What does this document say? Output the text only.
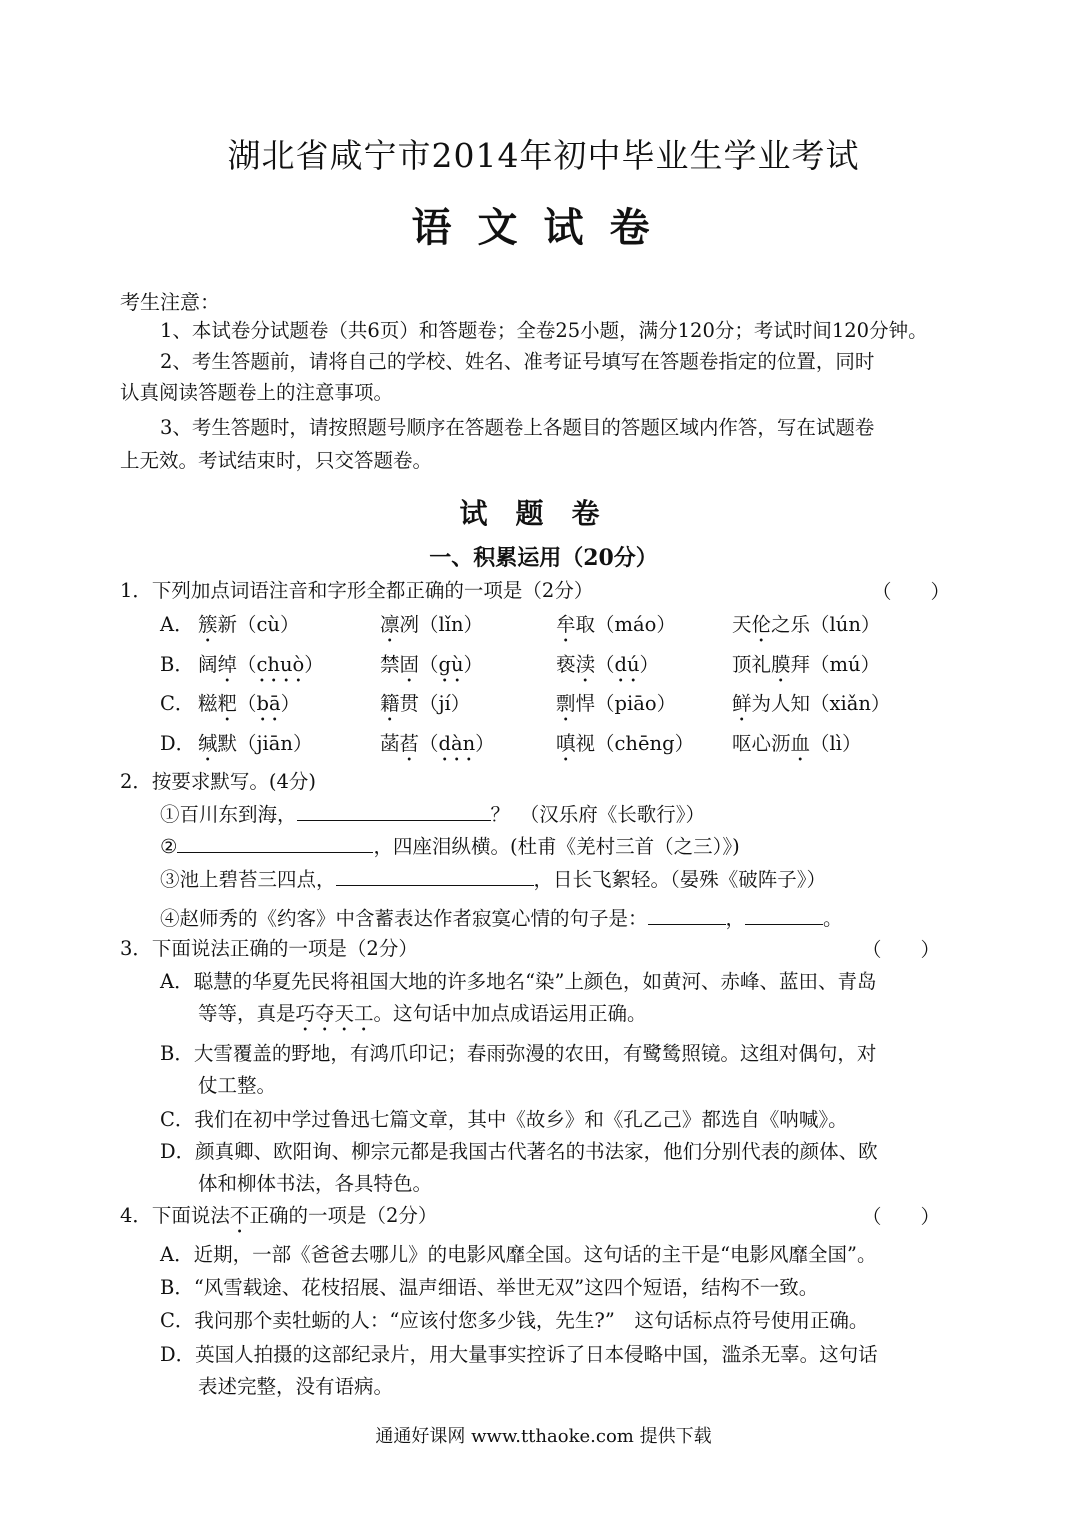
湖北省咸宁市2014年初中毕业生学业考试
语文试卷
考生注意：
1、本试卷分试题卷（共6页）和答题卷；全卷25小题，满分120分；考试时间120分钟。
2、考生答题前，请将自己的学校、姓名、准考证号填写在答题卷指定的位置，同时
认真阅读答题卷上的注意事项。
3、考生答题时，请按照题号顺序在答题卷上各题目的答题区域内作答，写在试题卷
上无效。考试结束时，只交答题卷。
试题卷
一、积累运用（20分）
1．下列加点词语注音和字形全都正确的一项是（2分）	（　　）
A． 簇新（cù）	凛冽（lǐn）	牟取（máo）	天伦之乐（lún）
B． 阔绰（chuò）	禁固（gù）	亵渎（dú）	顶礼膜拜（mú）
C． 糍粑（bā）	籍贯（jí）	剽悍（piāo）	鲜为人知（xiǎn）
D． 缄默（jiān）	菡萏（dàn）	嗔视（chēng） 呕心沥血（lì）
2．按要求默写。(4分)
①百川东到海，	？　（汉乐府《长歌行》）
②	，四座泪纵横。(杜甫《羌村三首（之三）》)
③池上碧苔三四点，	，日长飞絮轻。（晏殊《破阵子》）
④赵师秀的《约客》中含蓄表达作者寂寞心情的句子是：	，	。
3．下面说法正确的一项是（2分）	（　　）
A．聪慧的华夏先民将祖国大地的许多地名“染”上颜色，如黄河、赤峰、蓝田、青岛
等等，真是巧夺天工。这句话中加点成语运用正确。
B．大雪覆盖的野地，有鸿爪印记；春雨弥漫的农田，有鹭鸶照镜。这组对偶句，对
仗工整。
C．我们在初中学过鲁迅七篇文章，其中《故乡》和《孔乙己》都选自《呐喊》。
D．颜真卿、欧阳询、柳宗元都是我国古代著名的书法家，他们分别代表的颜体、欧
体和柳体书法，各具特色。
4．下面说法不正确的一项是（2分）	（　　）
A．近期，一部《爸爸去哪儿》的电影风靡全国。这句话的主干是“电影风靡全国”。
B．“风雪载途、花枝招展、温声细语、举世无双”这四个短语，结构不一致。
C．我问那个卖牡蛎的人：“应该付您多少钱，先生?”　这句话标点符号使用正确。
D．英国人拍摄的这部纪录片，用大量事实控诉了日本侵略中国，滥杀无辜。这句话
表述完整，没有语病。
通通好课网 www.tthaoke.com 提供下载
